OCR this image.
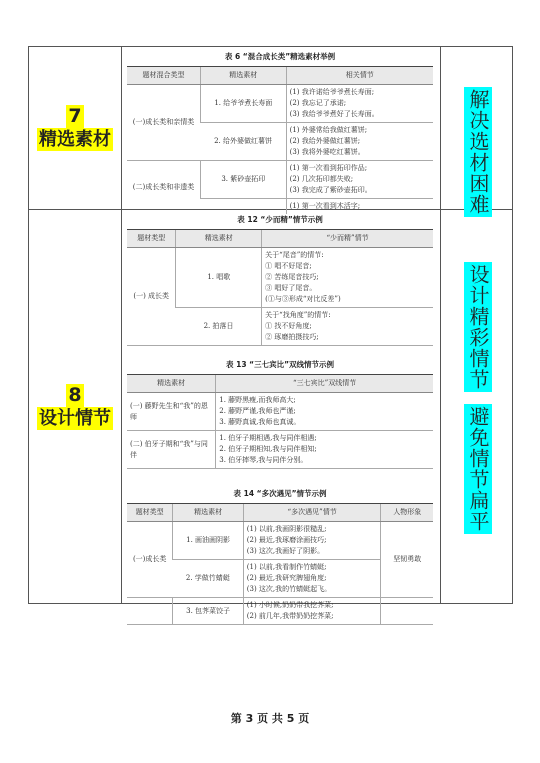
7
精选素材
8
设计情节
解决选材困难
设计精彩情节
避免情节扁平
表 6 “混合成长类”精选素材举例
题材混合类型	精选素材	相关情节
(一)成长类和亲情类	1. 给爷爷煮长寿面	(1) 我许诺给爷爷煮长寿面;
(2) 我忘记了承诺;
(3) 我给爷爷煮好了长寿面。

	2. 给外婆做红薯饼	(1) 外婆常给我做红薯饼;
(2) 我给外婆做红薯饼;
(3) 我将外婆吃红薯饼。

(二)成长类和非遗类	3. 紫砂壶拓印	(1) 第一次看到拓印作品;
(2) 几次拓印都失败;
(3) 我完成了紫砂壶拓印。

		(1) 第一次看到木活字;
表 12 “少而精”情节示例
题材类型	精选素材	“少而精”情节
(一) 成长类	1. 唱歌	关于“尾音”的情节:
① 唱不好尾音;
② 苦练尾音技巧;
③ 唱好了尾音。
(①与③形成“对比反差”)

	2. 拍落日	关于“找角度”的情节:
① 找不好角度;
② 琢磨拍摄技巧;
表 13 “三七宾比”双线情节示例
精选素材	“三七宾比”双线情节
(一) 藤野先生和“我”的恩师	1. 藤野黑瘦,而我师高大;
2. 藤野严谨,我师也严谨;
3. 藤野真诚,我师也真诚。

(二) 伯牙子期和“我”与同伴	1. 伯牙子期相遇,我与同伴相遇;
2. 伯牙子期相知,我与同伴相知;
3. 伯牙摔琴,我与同伴分别。
表 14 “多次遇见”情节示例
题材类型	精选素材	“多次遇见”情节	人物形象
(一)成长类	1. 画油画阴影	(1) 以前,我画阴影很糙乱;
(2) 最近,我琢磨涂画技巧;
(3) 这次,我画好了阴影。	坚韧勇敢
	2. 学做竹蜻蜓	(1) 以前,我看制作竹蜻蜓;
(2) 最近,我研究脾翅角度;
(3) 这次,我的竹蜻蜓起飞。	

	3. 包荠菜饺子	(1) 小时候,奶奶带我挖荠菜;
(2) 前几年,我带奶奶挖荠菜;	

第 3 页 共 5 页
